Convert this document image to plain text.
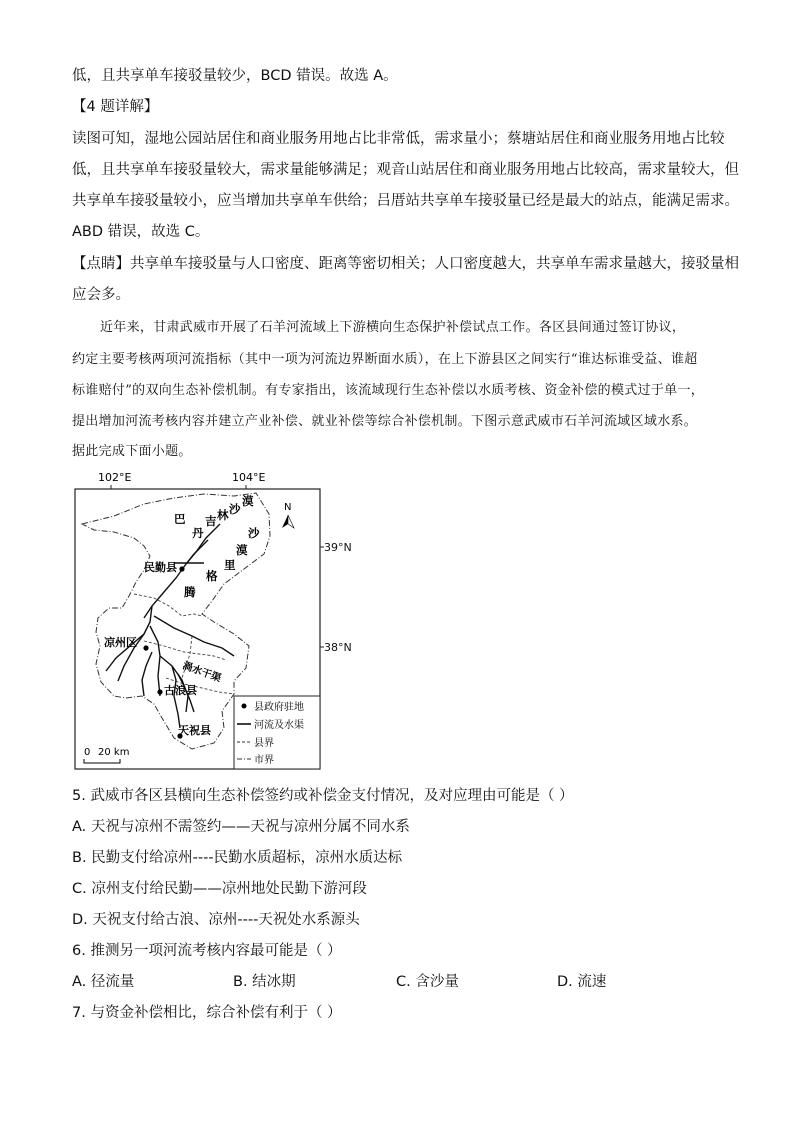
低，且共享单车接驳量较少，BCD 错误。故选 A。
【4 题详解】
读图可知，湿地公园站居住和商业服务用地占比非常低，需求量小；蔡塘站居住和商业服务用地占比较
低，且共享单车接驳量较大，需求量能够满足；观音山站居住和商业服务用地占比较高，需求量较大，但
共享单车接驳量较小，应当增加共享单车供给；吕厝站共享单车接驳量已经是最大的站点，能满足需求。
ABD 错误，故选 C。
【点睛】共享单车接驳量与人口密度、距离等密切相关；人口密度越大，共享单车需求量越大，接驳量相
应会多。
近年来，甘肃武威市开展了石羊河流域上下游横向生态保护补偿试点工作。各区县间通过签订协议，
约定主要考核两项河流指标（其中一项为河流边界断面水质），在上下游县区之间实行“谁达标谁受益、谁超
标谁赔付”的双向生态补偿机制。有专家指出，该流域现行生态补偿以水质考核、资金补偿的模式过于单一，
提出增加河流考核内容并建立产业补偿、就业补偿等综合补偿机制。下图示意武威市石羊河流域区域水系。
据此完成下面小题。
102°E	104°E
巴
丹
吉 林 沙
漠
沙
漠
里
格
腾
民勤县
凉州区
古浪县
天祝县
渦水干渠
N
县政府驻地
河流及水渠
县界
市界
0 20 km
39°N
38°N
5. 武威市各区县横向生态补偿签约或补偿金支付情况，及对应理由可能是（ ）
A. 天祝与凉州不需签约——天祝与凉州分属不同水系
B. 民勤支付给凉州----民勤水质超标，凉州水质达标
C. 凉州支付给民勤——凉州地处民勤下游河段
D. 天祝支付给古浪、凉州----天祝处水系源头
6. 推测另一项河流考核内容最可能是（ ）
A. 径流量	B. 结冰期	C. 含沙量	D. 流速
7. 与资金补偿相比，综合补偿有利于（ ）
